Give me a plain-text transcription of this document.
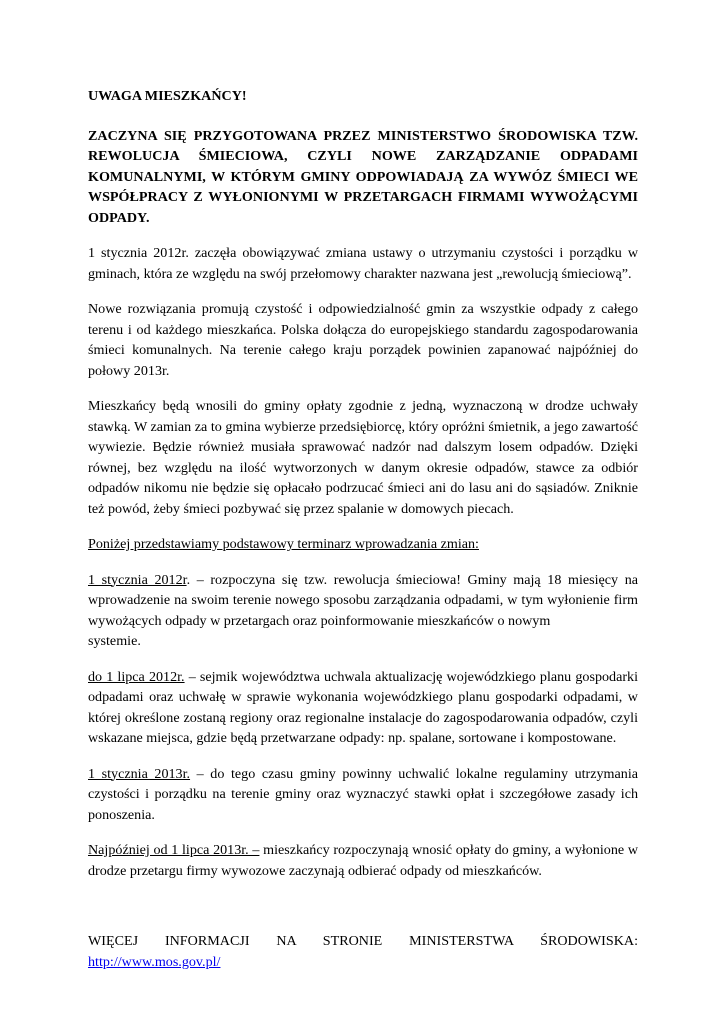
UWAGA MIESZKAŃCY!

ZACZYNA SIĘ PRZYGOTOWANA PRZEZ MINISTERSTWO ŚRODOWISKA TZW. REWOLUCJA ŚMIECIOWA, CZYLI NOWE ZARZĄDZANIE ODPADAMI KOMUNALNYMI, W KTÓRYM GMINY ODPOWIADAJĄ ZA WYWÓZ ŚMIECI WE WSPÓŁPRACY Z WYŁONIONYMI W PRZETARGACH FIRMAMI WYWOŻĄCYMI ODPADY.

1 stycznia 2012r. zaczęła obowiązywać zmiana ustawy o utrzymaniu czystości i porządku w gminach, która ze względu na swój przełomowy charakter nazwana jest „rewolucją śmieciową”.

Nowe rozwiązania promują czystość i odpowiedzialność gmin za wszystkie odpady z całego terenu i od każdego mieszkańca. Polska dołącza do europejskiego standardu zagospodarowania śmieci komunalnych. Na terenie całego kraju porządek powinien zapanować najpóźniej do połowy 2013r.

Mieszkańcy będą wnosili do gminy opłaty zgodnie z jedną, wyznaczoną w drodze uchwały stawką. W zamian za to gmina wybierze przedsiębiorcę, który opróżni śmietnik, a jego zawartość wywiezie. Będzie również musiała sprawować nadzór nad dalszym losem odpadów. Dzięki równej, bez względu na ilość wytworzonych w danym okresie odpadów, stawce za odbiór odpadów nikomu nie będzie się opłacało podrzucać śmieci ani do lasu ani do sąsiadów. Zniknie też powód, żeby śmieci pozbywać się przez spalanie w domowych piecach.

Poniżej przedstawiamy podstawowy terminarz wprowadzania zmian:

1 stycznia 2012r. – rozpoczyna się tzw. rewolucja śmieciowa! Gminy mają 18 miesięcy na wprowadzenie na swoim terenie nowego sposobu zarządzania odpadami, w tym wyłonienie firm wywożących odpady w przetargach oraz poinformowanie mieszkańców o nowym

systemie.

do 1 lipca 2012r. – sejmik województwa uchwala aktualizację wojewódzkiego planu gospodarki odpadami oraz uchwałę w sprawie wykonania wojewódzkiego planu gospodarki odpadami, w której określone zostaną regiony oraz regionalne instalacje do zagospodarowania odpadów, czyli wskazane miejsca, gdzie będą przetwarzane odpady: np. spalane, sortowane i kompostowane.

1 stycznia 2013r. – do tego czasu gminy powinny uchwalić lokalne regulaminy utrzymania czystości i porządku na terenie gminy oraz wyznaczyć stawki opłat i szczegółowe zasady ich ponoszenia.

Najpóźniej od 1 lipca 2013r. – mieszkańcy rozpoczynają wnosić opłaty do gminy, a wyłonione w drodze przetargu firmy wywozowe zaczynają odbierać odpady od mieszkańców.

WIĘCEJ INFORMACJI NA STRONIE MINISTERSTWA ŚRODOWISKA:

http://www.mos.gov.pl/
